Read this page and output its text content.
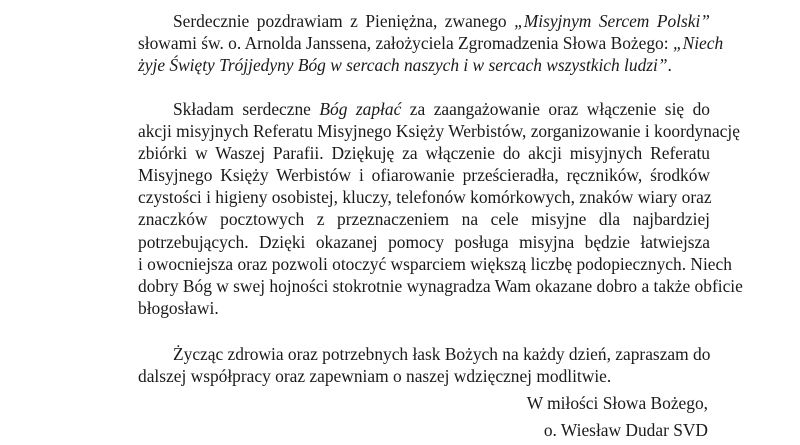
Serdecznie pozdrawiam z Pieniężna, zwanego „Misyjnym Sercem Polski”
słowami św. o. Arnolda Janssena, założyciela Zgromadzenia Słowa Bożego: „Niech
żyje Święty Trójjedyny Bóg w sercach naszych i w sercach wszystkich ludzi”.
Składam serdeczne Bóg zapłać za zaangażowanie oraz włączenie się do
akcji misyjnych Referatu Misyjnego Księży Werbistów, zorganizowanie i koordynację
zbiórki w Waszej Parafii. Dziękuję za włączenie do akcji misyjnych Referatu
Misyjnego Księży Werbistów i ofiarowanie prześcieradła, ręczników, środków
czystości i higieny osobistej, kluczy, telefonów komórkowych, znaków wiary oraz
znaczków pocztowych z przeznaczeniem na cele misyjne dla najbardziej
potrzebujących. Dzięki okazanej pomocy posługa misyjna będzie łatwiejsza
i owocniejsza oraz pozwoli otoczyć wsparciem większą liczbę podopiecznych. Niech
dobry Bóg w swej hojności stokrotnie wynagradza Wam okazane dobro a także obficie
błogosławi.
Życząc zdrowia oraz potrzebnych łask Bożych na każdy dzień, zapraszam do
dalszej współpracy oraz zapewniam o naszej wdzięcznej modlitwie.
W miłości Słowa Bożego,
o. Wiesław Dudar SVD
